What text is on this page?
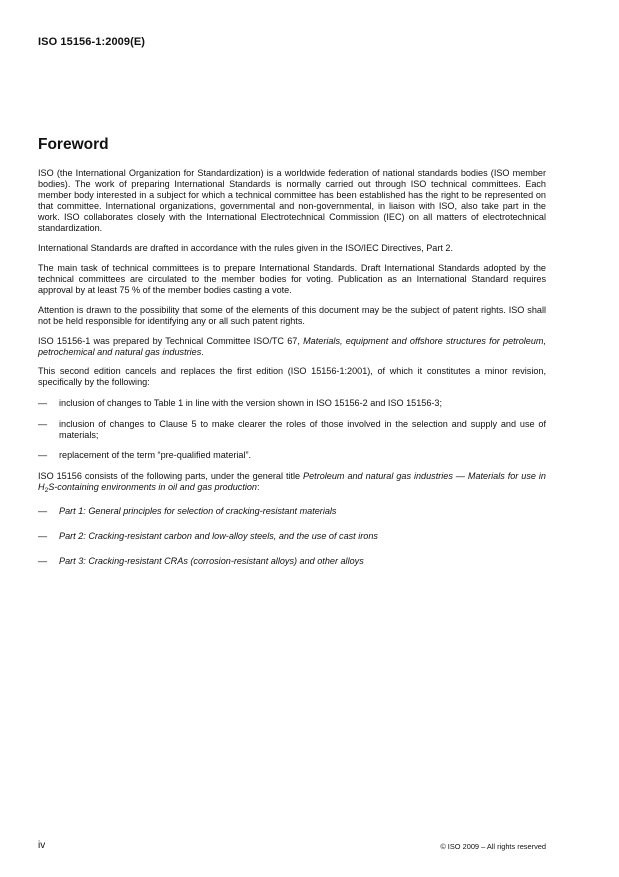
ISO 15156-1:2009(E)
Foreword

ISO (the International Organization for Standardization) is a worldwide federation of national standards bodies (ISO member bodies). The work of preparing International Standards is normally carried out through ISO technical committees. Each member body interested in a subject for which a technical committee has been established has the right to be represented on that committee. International organizations, governmental and non-governmental, in liaison with ISO, also take part in the work. ISO collaborates closely with the International Electrotechnical Commission (IEC) on all matters of electrotechnical standardization.

International Standards are drafted in accordance with the rules given in the ISO/IEC Directives, Part 2.

The main task of technical committees is to prepare International Standards. Draft International Standards adopted by the technical committees are circulated to the member bodies for voting. Publication as an International Standard requires approval by at least 75 % of the member bodies casting a vote.

Attention is drawn to the possibility that some of the elements of this document may be the subject of patent rights. ISO shall not be held responsible for identifying any or all such patent rights.

ISO 15156-1 was prepared by Technical Committee ISO/TC 67, Materials, equipment and offshore structures for petroleum, petrochemical and natural gas industries.

This second edition cancels and replaces the first edition (ISO 15156-1:2001), of which it constitutes a minor revision, specifically by the following:

— inclusion of changes to Table 1 in line with the version shown in ISO 15156-2 and ISO 15156-3;
— inclusion of changes to Clause 5 to make clearer the roles of those involved in the selection and supply and use of materials;
— replacement of the term “pre-qualified material”.

ISO 15156 consists of the following parts, under the general title Petroleum and natural gas industries — Materials for use in $H_2S$-containing environments in oil and gas production:

— Part 1: General principles for selection of cracking-resistant materials
— Part 2: Cracking-resistant carbon and low-alloy steels, and the use of cast irons
— Part 3: Cracking-resistant CRAs (corrosion-resistant alloys) and other alloys
iv	© ISO 2009 – All rights reserved
